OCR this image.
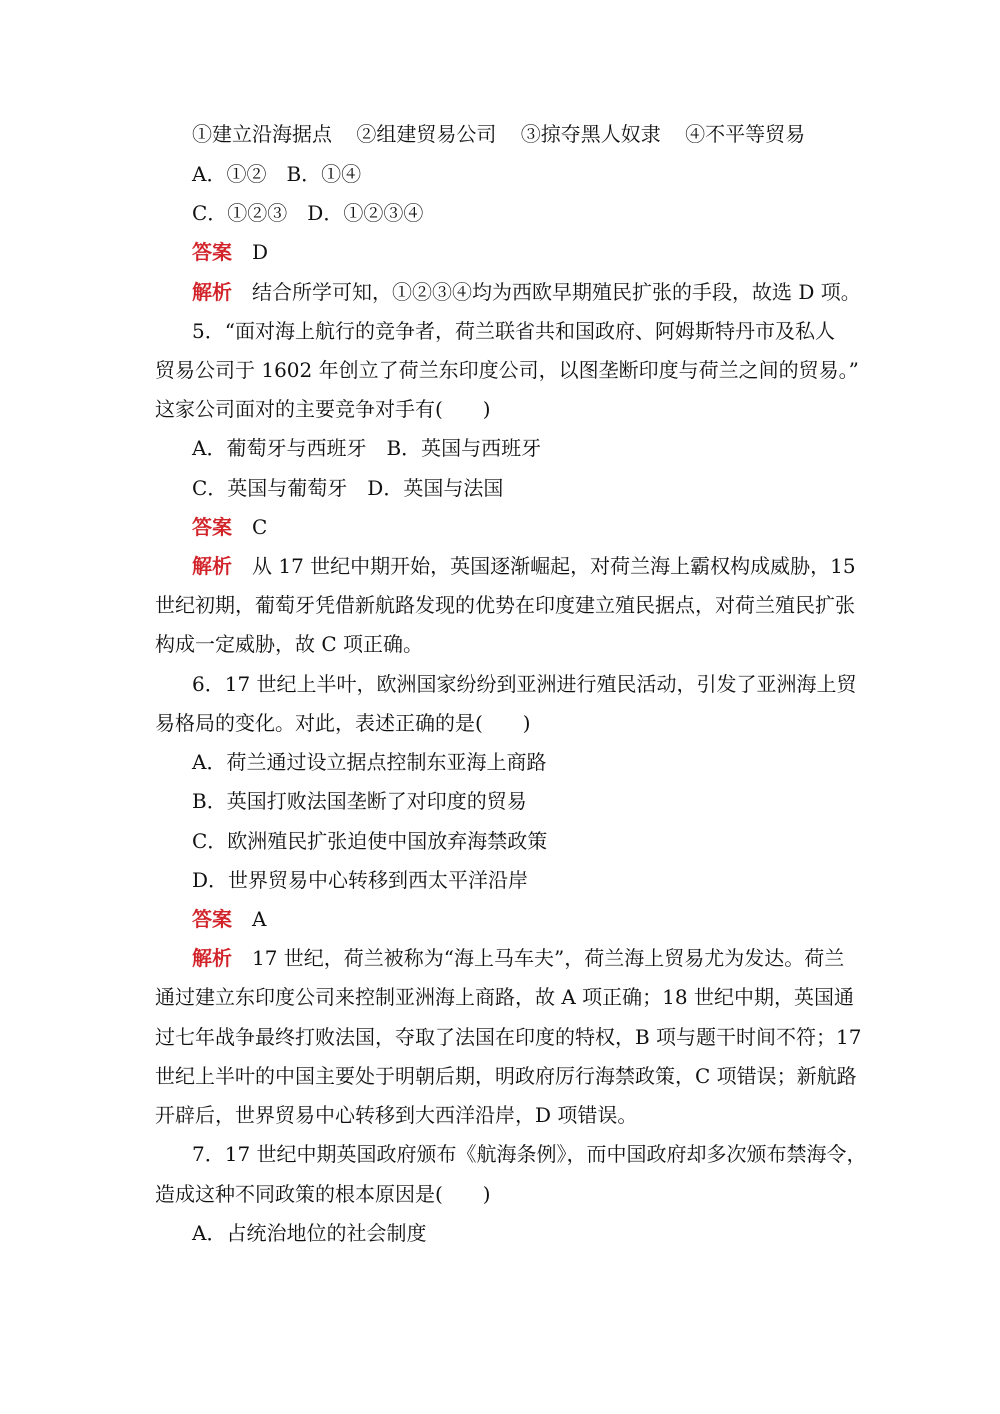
①建立沿海据点 ②组建贸易公司 ③掠夺黑人奴隶 ④不平等贸易
A．①②　B．①④
C．①②③　D．①②③④
答案 D
解析 结合所学可知，①②③④均为西欧早期殖民扩张的手段，故选 D 项。
5．“面对海上航行的竞争者，荷兰联省共和国政府、阿姆斯特丹市及私人
贸易公司于 1602 年创立了荷兰东印度公司，以图垄断印度与荷兰之间的贸易。”
这家公司面对的主要竞争对手有(　　)
A．葡萄牙与西班牙　B．英国与西班牙
C．英国与葡萄牙　D．英国与法国
答案 C
解析 从 17 世纪中期开始，英国逐渐崛起，对荷兰海上霸权构成威胁，15
世纪初期，葡萄牙凭借新航路发现的优势在印度建立殖民据点，对荷兰殖民扩张
构成一定威胁，故 C 项正确。
6．17 世纪上半叶，欧洲国家纷纷到亚洲进行殖民活动，引发了亚洲海上贸
易格局的变化。对此，表述正确的是(　　)
A．荷兰通过设立据点控制东亚海上商路
B．英国打败法国垄断了对印度的贸易
C．欧洲殖民扩张迫使中国放弃海禁政策
D．世界贸易中心转移到西太平洋沿岸
答案 A
解析 17 世纪，荷兰被称为“海上马车夫”，荷兰海上贸易尤为发达。荷兰
通过建立东印度公司来控制亚洲海上商路，故 A 项正确；18 世纪中期，英国通
过七年战争最终打败法国，夺取了法国在印度的特权，B 项与题干时间不符；17
世纪上半叶的中国主要处于明朝后期，明政府厉行海禁政策，C 项错误；新航路
开辟后，世界贸易中心转移到大西洋沿岸，D 项错误。
7．17 世纪中期英国政府颁布《航海条例》，而中国政府却多次颁布禁海令，
造成这种不同政策的根本原因是(　　)
A．占统治地位的社会制度
